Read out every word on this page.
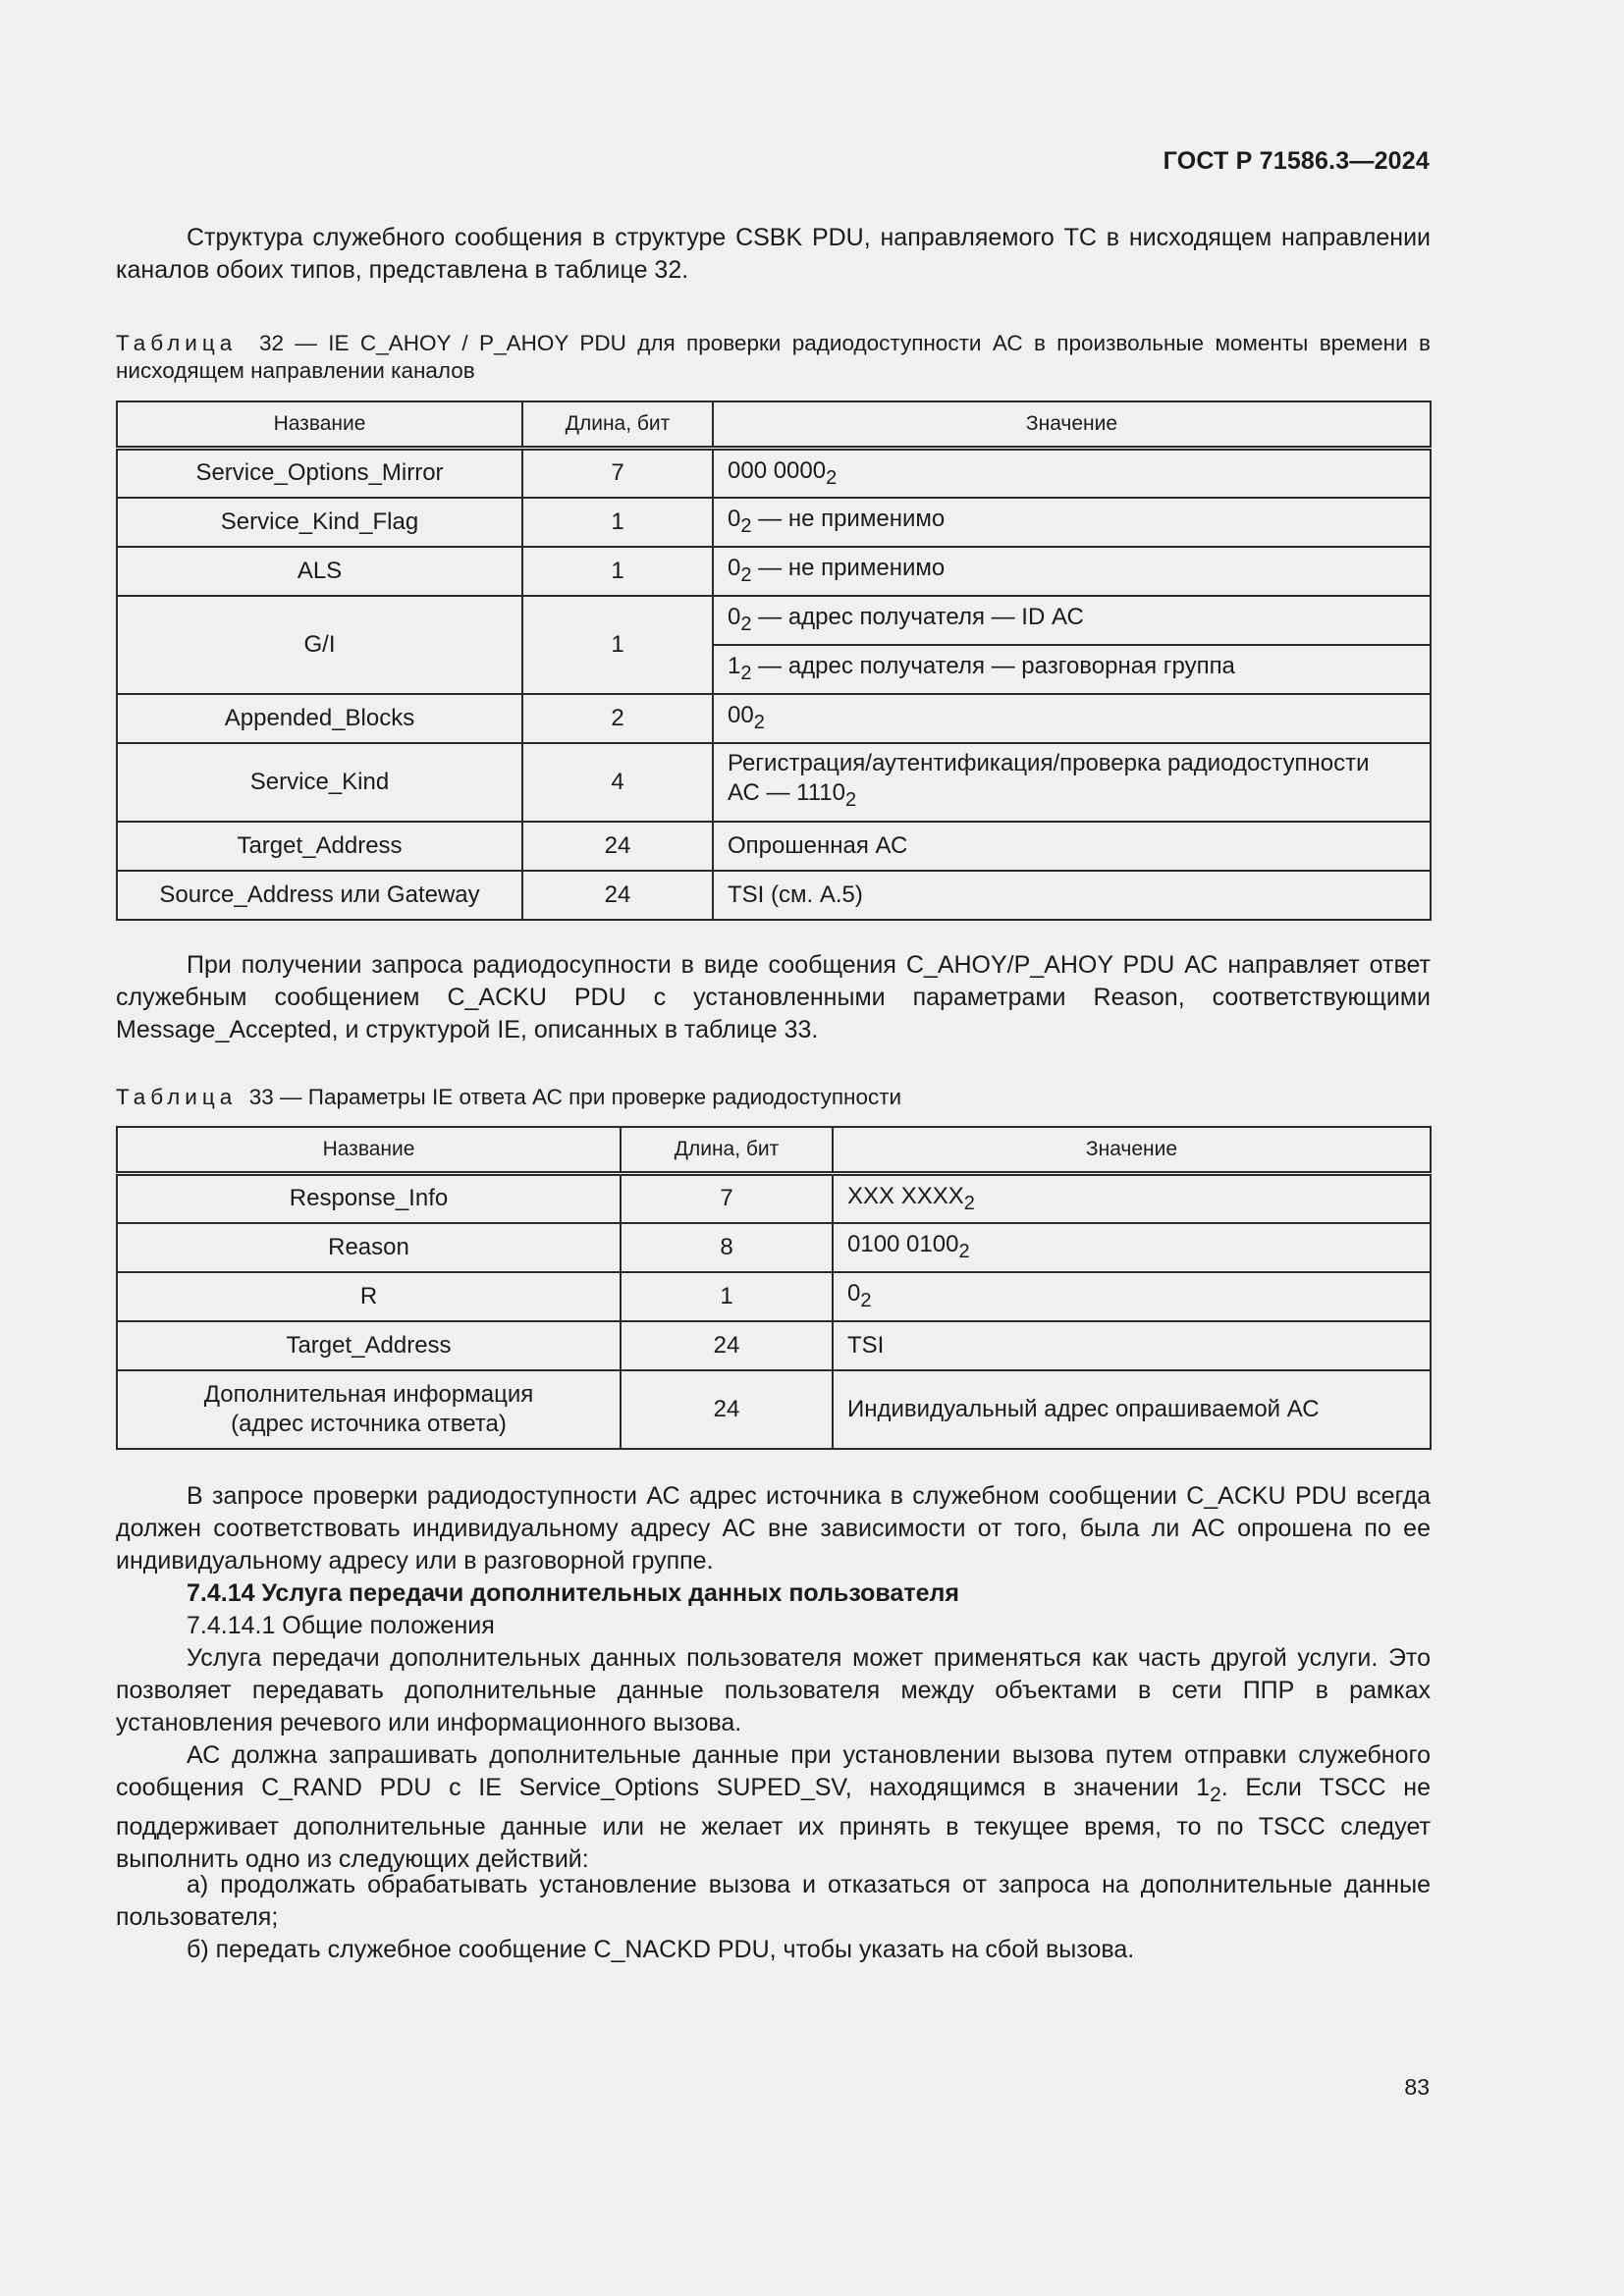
ГОСТ Р 71586.3—2024
Структура служебного сообщения в структуре CSBK PDU, направляемого ТС в нисходящем направлении каналов обоих типов, представлена в таблице 32.
Таблица 32 — IE C_AHOY / P_AHOY PDU для проверки радиодоступности АС в произвольные моменты времени в нисходящем направлении каналов
Название	Длина, бит	Значение
Service_Options_Mirror	7	000 $0000_2$
Service_Kind_Flag	1	$0_2$ — не применимо
ALS	1	$0_2$ — не применимо
G/I	1	$0_2$ — адрес получателя — ID АС
		$1_2$ — адрес получателя — разговорная группа
Appended_Blocks	2	$00_2$
Service_Kind	4	Регистрация/аутентификация/проверка радиодоступности
АС — $1110_2$

Target_Address	24	Опрошенная АС
Source_Address или Gateway	24	TSI (см. А.5)
При получении запроса радиодосупности в виде сообщения C_AHOY/P_AHOY PDU АС направляет ответ служебным сообщением C_ACKU PDU с установленными параметрами Reason, соответствующими Message_Accepted, и структурой IE, описанных в таблице 33.
Таблица 33 — Параметры IE ответа АС при проверке радиодоступности
Название	Длина, бит	Значение
Response_Info	7	XXX $XXXX_2$
Reason	8	0100 $0100_2$
R	1	$0_2$
Target_Address	24	TSI

Дополнительная информация
(адрес источника ответа)	24	Индивидуальный адрес опрашиваемой АС
В запросе проверки радиодоступности АС адрес источника в служебном сообщении C_ACKU PDU всегда должен соответствовать индивидуальному адресу АС вне зависимости от того, была ли АС опрошена по ее индивидуальному адресу или в разговорной группе.
7.4.14 Услуга передачи дополнительных данных пользователя
7.4.14.1 Общие положения
Услуга передачи дополнительных данных пользователя может применяться как часть другой услуги. Это позволяет передавать дополнительные данные пользователя между объектами в сети ППР в рамках установления речевого или информационного вызова.
АС должна запрашивать дополнительные данные при установлении вызова путем отправки служебного сообщения C_RAND PDU с IE Service_Options SUPED_SV, находящимся в значении $1_2$. Если TSCC не поддерживает дополнительные данные или не желает их принять в текущее время, то по TSCC следует выполнить одно из следующих действий:
а) продолжать обрабатывать установление вызова и отказаться от запроса на дополнительные данные пользователя;
б) передать служебное сообщение C_NACKD PDU, чтобы указать на сбой вызова.
83
